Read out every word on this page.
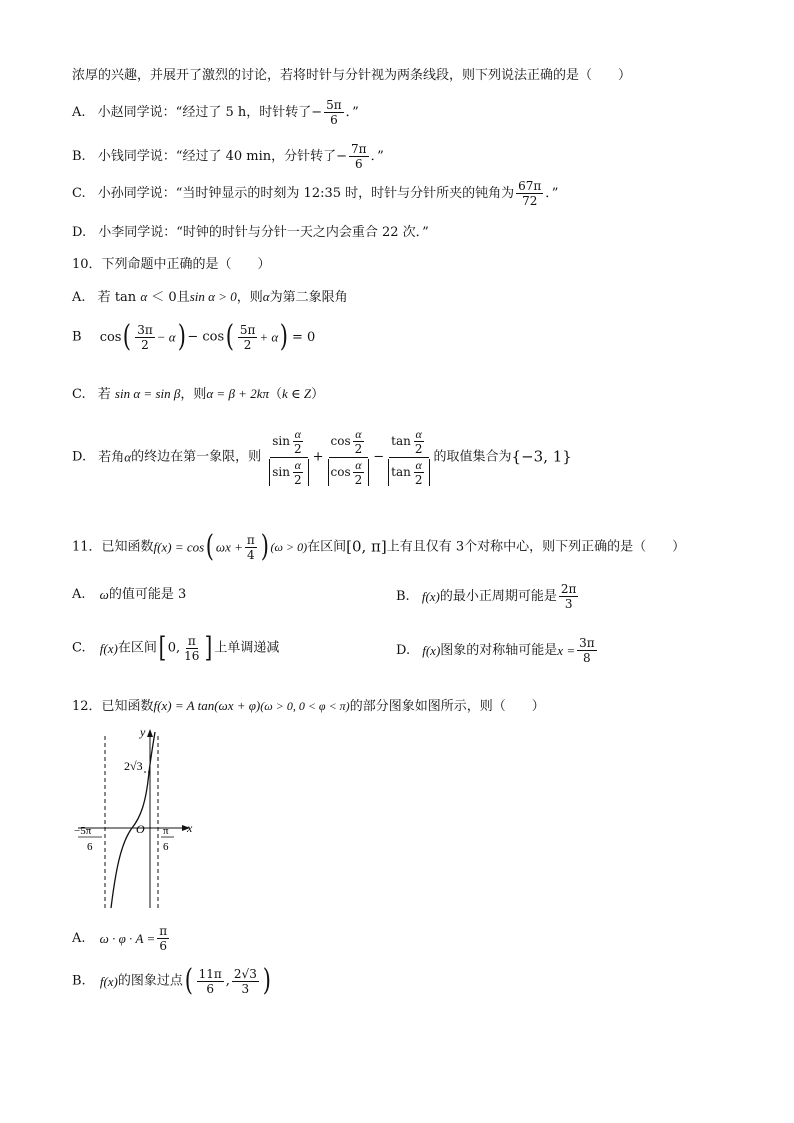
浓厚的兴趣，并展开了激烈的讨论，若将时针与分针视为两条线段，则下列说法正确的是（　　）
A. 小赵同学说：“经过了 5 h，时针转了− $\frac{5\pi}{6}$ ．”
B. 小钱同学说：“经过了 40 min，分针转了− $\frac{7\pi}{6}$ ．”
C. 小孙同学说：“当时钟显示的时刻为 12:35 时，时针与分针所夹的钝角为 $\frac{67\pi}{72}$ ．”
D. 小李同学说：“时钟的时针与分针一天之内会重合 22 次．”
10．下列命题中正确的是（　　）
A. 若 tan α ＜ 0且sin α > 0，则α为第二象限角
B $\cos( \frac{3\pi}{2} - \alpha) - \cos( \frac{5\pi}{2} + \alpha) = 0$
C. 若 sin α = sin β，则α = β + 2kπ（k ∈ Z）
D. 若角α的终边在第一象限，则 $\frac{\sin \frac{\alpha}{2}}{\sin \frac{\alpha}{2}} + \frac{\cos \frac{\alpha}{2}}{\cos \frac{\alpha}{2}} - \frac{\tan \frac{\alpha}{2}}{\tan \frac{\alpha}{2}}$ 的取值集合为{−3, 1}
11．已知函数f(x) = cos( $\omega x + \frac{\pi}{4}$ ) (ω > 0)在区间[0, π]上有且仅有 3个对称中心，则下列正确的是（　　）
A. ω的值可能是 3	B. f(x)的最小正周期可能是 $\frac{2\pi}{3}$
C. f(x)在区间[ 0, $\frac{\pi}{16}$ ] 上单调递减	D. f(x)图象的对称轴可能是$x = \frac{3\pi}{8}$
12．已知函数f(x) = A tan(ωx + φ)(ω > 0, 0 < φ < π)的部分图象如图所示，则（　　）
y
x
O
2√3
−5π
6
π
6
A. $\omega \cdot \varphi \cdot A = \frac{\pi}{6}$
B. f(x)的图象过点( $\frac{11\pi}{6}$ , $\frac{2√3}{3}$ )
